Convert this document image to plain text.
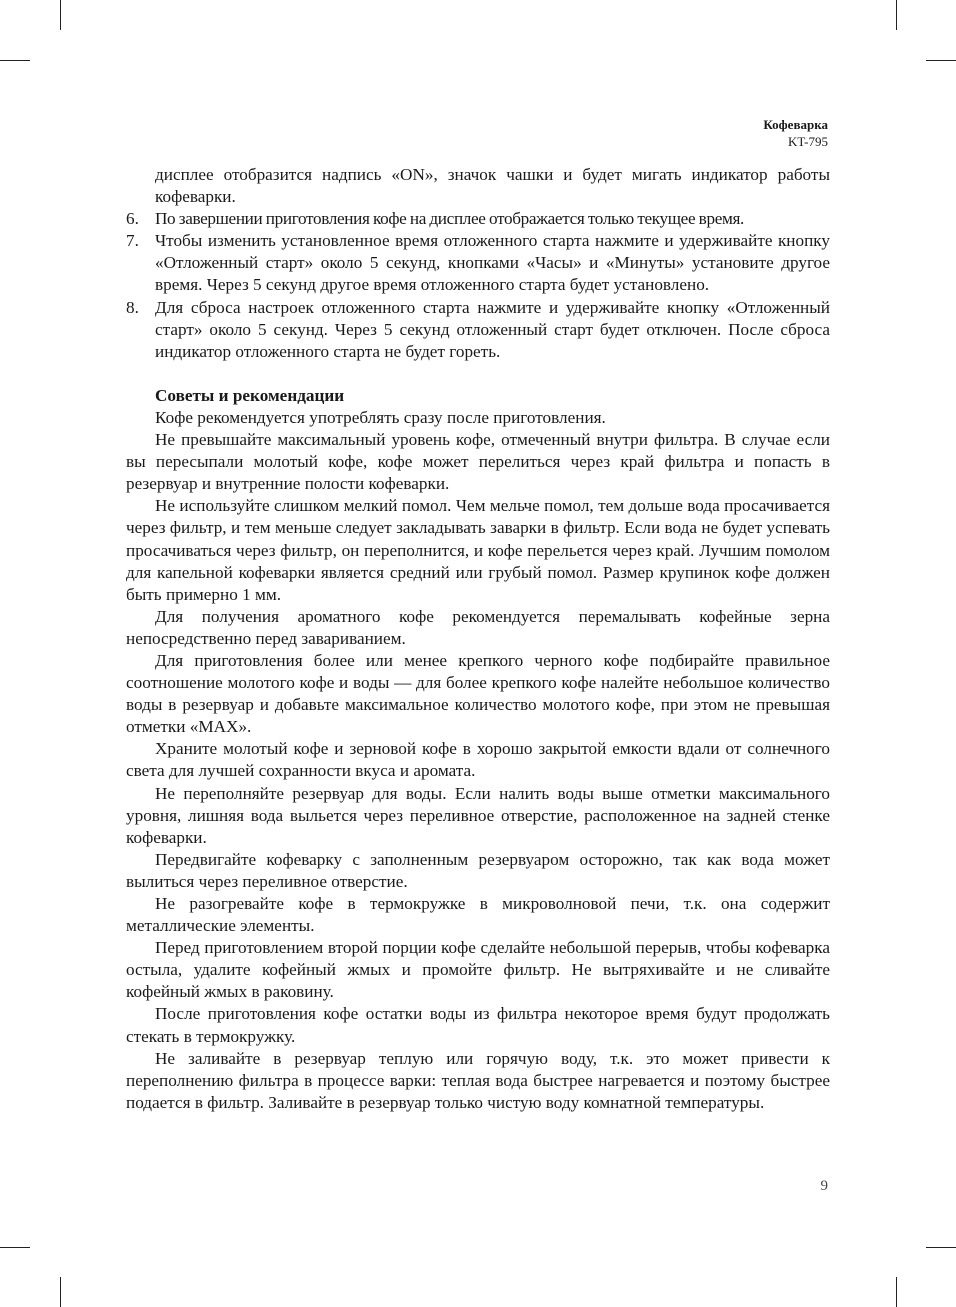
Кофеварка
KT-795

дисплее отобразится надпись «ON», значок чашки и будет мигать индикатор работы кофеварки.

6. По завершении приготовления кофе на дисплее отображается только текущее время.
7. Чтобы изменить установленное время отложенного старта нажмите и удерживайте кнопку «Отложенный старт» около 5 секунд, кнопками «Часы» и «Минуты» установите другое время. Через 5 секунд другое время отложенного старта будет установлено.
8. Для сброса настроек отложенного старта нажмите и удерживайте кнопку «Отложенный старт» около 5 секунд. Через 5 секунд отложенный старт будет отключен. После сброса индикатор отложенного старта не будет гореть.

Советы и рекомендации

Кофе рекомендуется употреблять сразу после приготовления.

Не превышайте максимальный уровень кофе, отмеченный внутри фильтра. В случае если вы пересыпали молотый кофе, кофе может перелиться через край фильтра и попасть в резервуар и внутренние полости кофеварки.

Не используйте слишком мелкий помол. Чем мельче помол, тем дольше вода просачивается через фильтр, и тем меньше следует закладывать заварки в фильтр. Если вода не будет успевать просачиваться через фильтр, он переполнится, и кофе перельется через край. Лучшим помолом для капельной кофеварки является средний или грубый помол. Размер крупинок кофе должен быть примерно 1 мм.

Для получения ароматного кофе рекомендуется перемалывать кофейные зерна непосредственно перед завариванием.

Для приготовления более или менее крепкого черного кофе подбирайте правильное соотношение молотого кофе и воды — для более крепкого кофе налейте небольшое количество воды в резервуар и добавьте максимальное количество молотого кофе, при этом не превышая отметки «MAX».

Храните молотый кофе и зерновой кофе в хорошо закрытой емкости вдали от солнечного света для лучшей сохранности вкуса и аромата.

Не переполняйте резервуар для воды. Если налить воды выше отметки максимального уровня, лишняя вода выльется через переливное отверстие, расположенное на задней стенке кофеварки.

Передвигайте кофеварку с заполненным резервуаром осторожно, так как вода может вылиться через переливное отверстие.

Не разогревайте кофе в термокружке в микроволновой печи, т.к. она содержит металлические элементы.

Перед приготовлением второй порции кофе сделайте небольшой перерыв, чтобы кофеварка остыла, удалите кофейный жмых и промойте фильтр. Не вытряхивайте и не сливайте кофейный жмых в раковину.

После приготовления кофе остатки воды из фильтра некоторое время будут продолжать стекать в термокружку.

Не заливайте в резервуар теплую или горячую воду, т.к. это может привести к переполнению фильтра в процессе варки: теплая вода быстрее нагревается и поэтому быстрее подается в фильтр. Заливайте в резервуар только чистую воду комнатной температуры.

9
